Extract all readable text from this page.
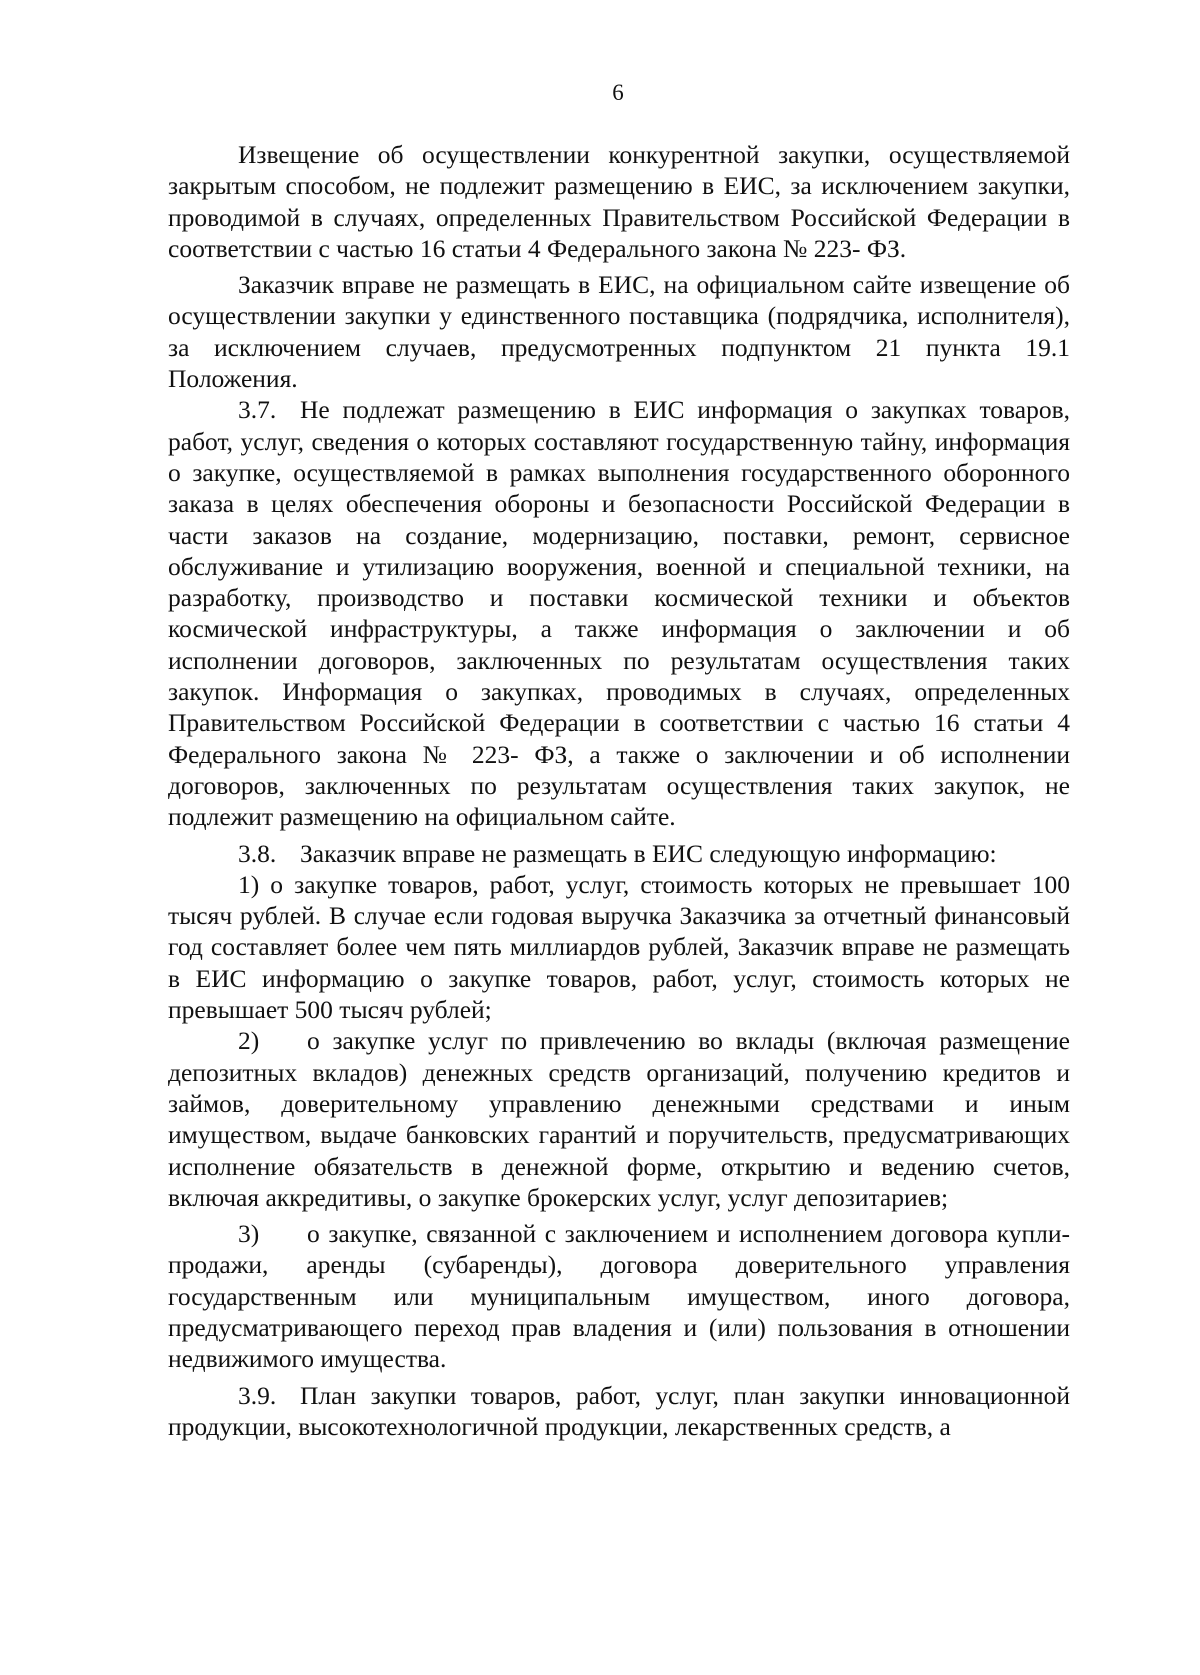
6

Извещение об осуществлении конкурентной закупки, осуществляемой закрытым способом, не подлежит размещению в ЕИС, за исключением закупки, проводимой в случаях, определенных Правительством Российской Федерации в соответствии с частью 16 статьи 4 Федерального закона № 223- ФЗ.

Заказчик вправе не размещать в ЕИС, на официальном сайте извещение об осуществлении закупки у единственного поставщика (подрядчика, исполнителя), за исключением случаев, предусмотренных подпунктом 21 пункта 19.1 Положения.

3.7. Не подлежат размещению в ЕИС информация о закупках товаров, работ, услуг, сведения о которых составляют государственную тайну, информация о закупке, осуществляемой в рамках выполнения государственного оборонного заказа в целях обеспечения обороны и безопасности Российской Федерации в части заказов на создание, модернизацию, поставки, ремонт, сервисное обслуживание и утилизацию вооружения, военной и специальной техники, на разработку, производство и поставки космической техники и объектов космической инфраструктуры, а также информация о заключении и об исполнении договоров, заключенных по результатам осуществления таких закупок. Информация о закупках, проводимых в случаях, определенных Правительством Российской Федерации в соответствии с частью 16 статьи 4 Федерального закона № 223- ФЗ, а также о заключении и об исполнении договоров, заключенных по результатам осуществления таких закупок, не подлежит размещению на официальном сайте.

3.8. Заказчик вправе не размещать в ЕИС следующую информацию:

1) о закупке товаров, работ, услуг, стоимость которых не превышает 100 тысяч рублей. В случае если годовая выручка Заказчика за отчетный финансовый год составляет более чем пять миллиардов рублей, Заказчик вправе не размещать в ЕИС информацию о закупке товаров, работ, услуг, стоимость которых не превышает 500 тысяч рублей;

2) о закупке услуг по привлечению во вклады (включая размещение депозитных вкладов) денежных средств организаций, получению кредитов и займов, доверительному управлению денежными средствами и иным имуществом, выдаче банковских гарантий и поручительств, предусматривающих исполнение обязательств в денежной форме, открытию и ведению счетов, включая аккредитивы, о закупке брокерских услуг, услуг депозитариев;

3) о закупке, связанной с заключением и исполнением договора купли-продажи, аренды (субаренды), договора доверительного управления государственным или муниципальным имуществом, иного договора, предусматривающего переход прав владения и (или) пользования в отношении недвижимого имущества.

3.9. План закупки товаров, работ, услуг, план закупки инновационной продукции, высокотехнологичной продукции, лекарственных средств, а
